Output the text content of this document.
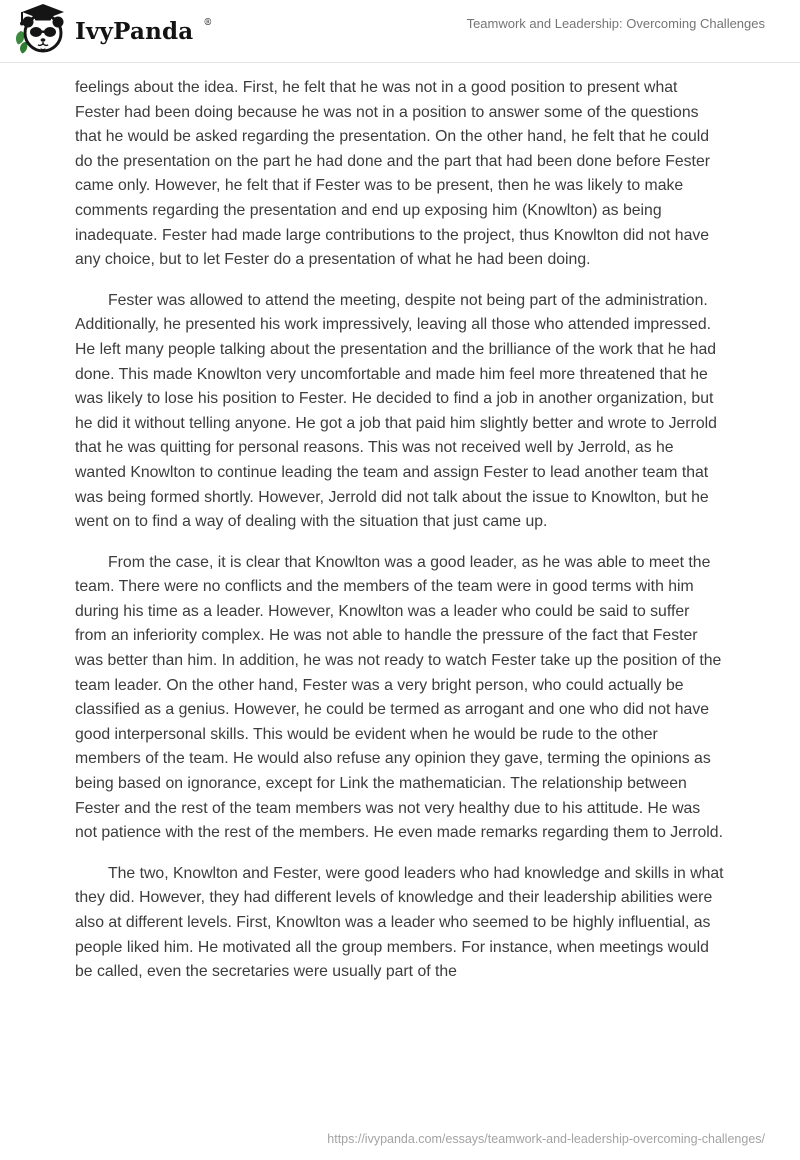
IvyPanda ®	Teamwork and Leadership: Overcoming Challenges

feelings about the idea. First, he felt that he was not in a good position to present what Fester had been doing because he was not in a position to answer some of the questions that he would be asked regarding the presentation. On the other hand, he felt that he could do the presentation on the part he had done and the part that had been done before Fester came only. However, he felt that if Fester was to be present, then he was likely to make comments regarding the presentation and end up exposing him (Knowlton) as being inadequate. Fester had made large contributions to the project, thus Knowlton did not have any choice, but to let Fester do a presentation of what he had been doing.

Fester was allowed to attend the meeting, despite not being part of the administration. Additionally, he presented his work impressively, leaving all those who attended impressed. He left many people talking about the presentation and the brilliance of the work that he had done. This made Knowlton very uncomfortable and made him feel more threatened that he was likely to lose his position to Fester. He decided to find a job in another organization, but he did it without telling anyone. He got a job that paid him slightly better and wrote to Jerrold that he was quitting for personal reasons. This was not received well by Jerrold, as he wanted Knowlton to continue leading the team and assign Fester to lead another team that was being formed shortly. However, Jerrold did not talk about the issue to Knowlton, but he went on to find a way of dealing with the situation that just came up.

From the case, it is clear that Knowlton was a good leader, as he was able to meet the team. There were no conflicts and the members of the team were in good terms with him during his time as a leader. However, Knowlton was a leader who could be said to suffer from an inferiority complex. He was not able to handle the pressure of the fact that Fester was better than him. In addition, he was not ready to watch Fester take up the position of the team leader. On the other hand, Fester was a very bright person, who could actually be classified as a genius. However, he could be termed as arrogant and one who did not have good interpersonal skills. This would be evident when he would be rude to the other members of the team. He would also refuse any opinion they gave, terming the opinions as being based on ignorance, except for Link the mathematician. The relationship between Fester and the rest of the team members was not very healthy due to his attitude. He was not patience with the rest of the members. He even made remarks regarding them to Jerrold.

The two, Knowlton and Fester, were good leaders who had knowledge and skills in what they did. However, they had different levels of knowledge and their leadership abilities were also at different levels. First, Knowlton was a leader who seemed to be highly influential, as people liked him. He motivated all the group members. For instance, when meetings would be called, even the secretaries were usually part of the

https://ivypanda.com/essays/teamwork-and-leadership-overcoming-challenges/
